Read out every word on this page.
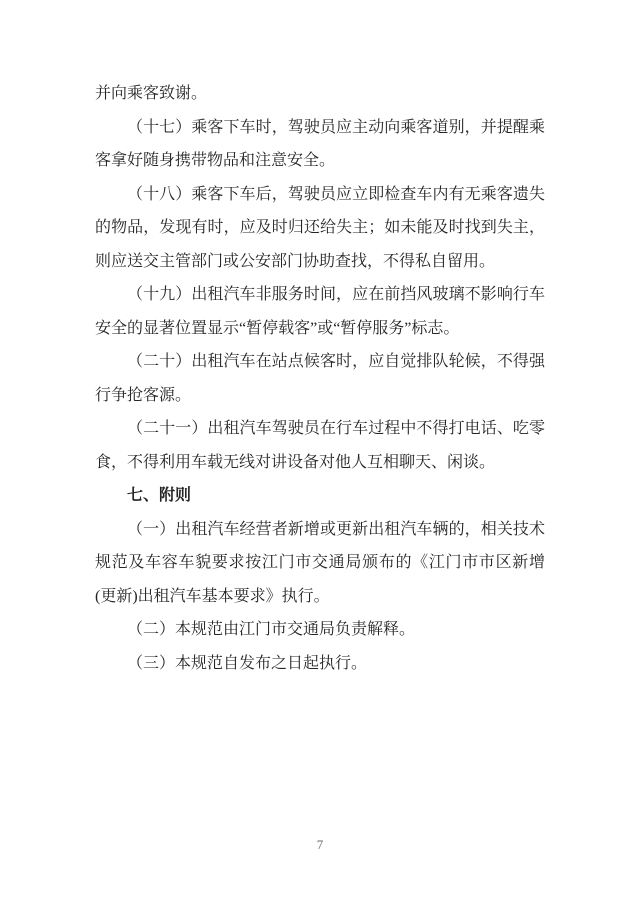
并向乘客致谢。

（十七）乘客下车时，驾驶员应主动向乘客道别，并提醒乘客拿好随身携带物品和注意安全。

（十八）乘客下车后，驾驶员应立即检查车内有无乘客遗失的物品，发现有时，应及时归还给失主；如未能及时找到失主，则应送交主管部门或公安部门协助查找，不得私自留用。

（十九）出租汽车非服务时间，应在前挡风玻璃不影响行车安全的显著位置显示“暂停载客”或“暂停服务”标志。

（二十）出租汽车在站点候客时，应自觉排队轮候，不得强行争抢客源。

（二十一）出租汽车驾驶员在行车过程中不得打电话、吃零食，不得利用车载无线对讲设备对他人互相聊天、闲谈。

七、附则

（一）出租汽车经营者新增或更新出租汽车辆的，相关技术规范及车容车貌要求按江门市交通局颁布的《江门市市区新增(更新)出租汽车基本要求》执行。

（二）本规范由江门市交通局负责解释。

（三）本规范自发布之日起执行。

7
